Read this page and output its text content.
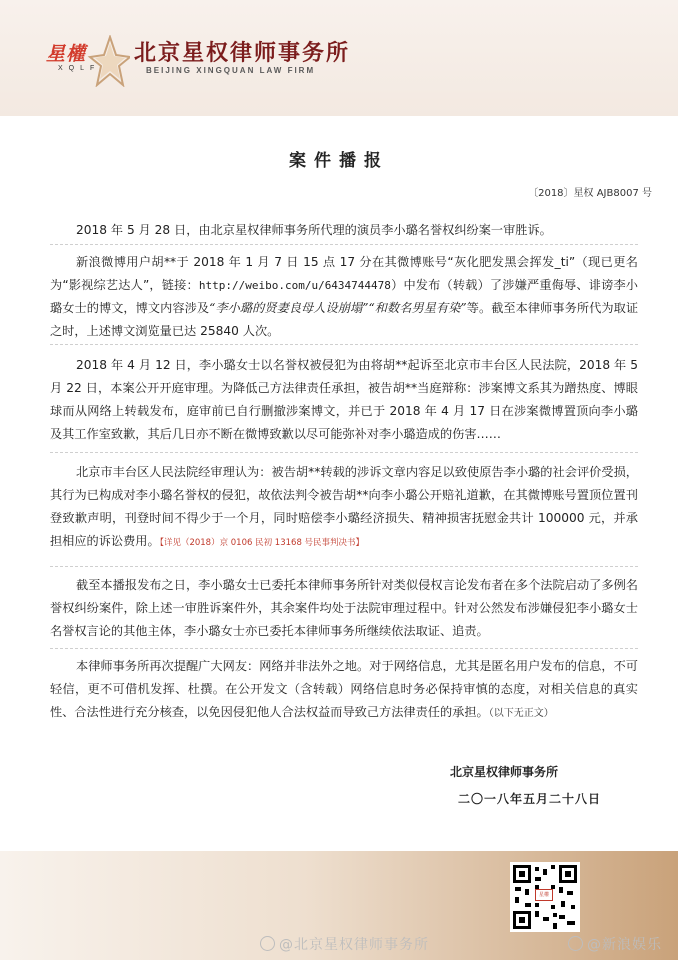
星權
XQLF
北京星权律师事务所
BEIJING XINGQUAN LAW FIRM
案件播报
〔2018〕星权 AJB8007 号
2018 年 5 月 28 日，由北京星权律师事务所代理的演员李小璐名誉权纠纷案一审胜诉。
新浪微博用户胡**于 2018 年 1 月 7 日 15 点 17 分在其微博账号“灰化肥发黑会挥发_ti”（现已更名为“影视综艺达人”，链接：http://weibo.com/u/6434744478）中发布（转载）了涉嫌严重侮辱、诽谤李小璐女士的博文，博文内容涉及“李小璐的贤妻良母人设崩塌”“和数名男星有染”等。截至本律师事务所代为取证之时，上述博文浏览量已达 25840 人次。
2018 年 4 月 12 日，李小璐女士以名誉权被侵犯为由将胡**起诉至北京市丰台区人民法院，2018 年 5 月 22 日，本案公开开庭审理。为降低己方法律责任承担，被告胡**当庭辩称：涉案博文系其为蹭热度、博眼球而从网络上转载发布，庭审前已自行删撤涉案博文，并已于 2018 年 4 月 17 日在涉案微博置顶向李小璐及其工作室致歉，其后几日亦不断在微博致歉以尽可能弥补对李小璐造成的伤害……
北京市丰台区人民法院经审理认为：被告胡**转载的涉诉文章内容足以致使原告李小璐的社会评价受损，其行为已构成对李小璐名誉权的侵犯，故依法判令被告胡**向李小璐公开赔礼道歉，在其微博账号置顶位置刊登致歉声明，刊登时间不得少于一个月，同时赔偿李小璐经济损失、精神损害抚慰金共计 100000 元，并承担相应的诉讼费用。【详见（2018）京 0106 民初 13168 号民事判决书】
截至本播报发布之日，李小璐女士已委托本律师事务所针对类似侵权言论发布者在多个法院启动了多例名誉权纠纷案件，除上述一审胜诉案件外，其余案件均处于法院审理过程中。针对公然发布涉嫌侵犯李小璐女士名誉权言论的其他主体，李小璐女士亦已委托本律师事务所继续依法取证、追责。
本律师事务所再次提醒广大网友：网络并非法外之地。对于网络信息，尤其是匿名用户发布的信息，不可轻信，更不可借机发挥、杜撰。在公开发文（含转载）网络信息时务必保持审慎的态度，对相关信息的真实性、合法性进行充分核查，以免因侵犯他人合法权益而导致己方法律责任的承担。（以下无正文）
北京星权律师事务所
二〇一八年五月二十八日
星權
@北京星权律师事务所	@新浪娱乐
